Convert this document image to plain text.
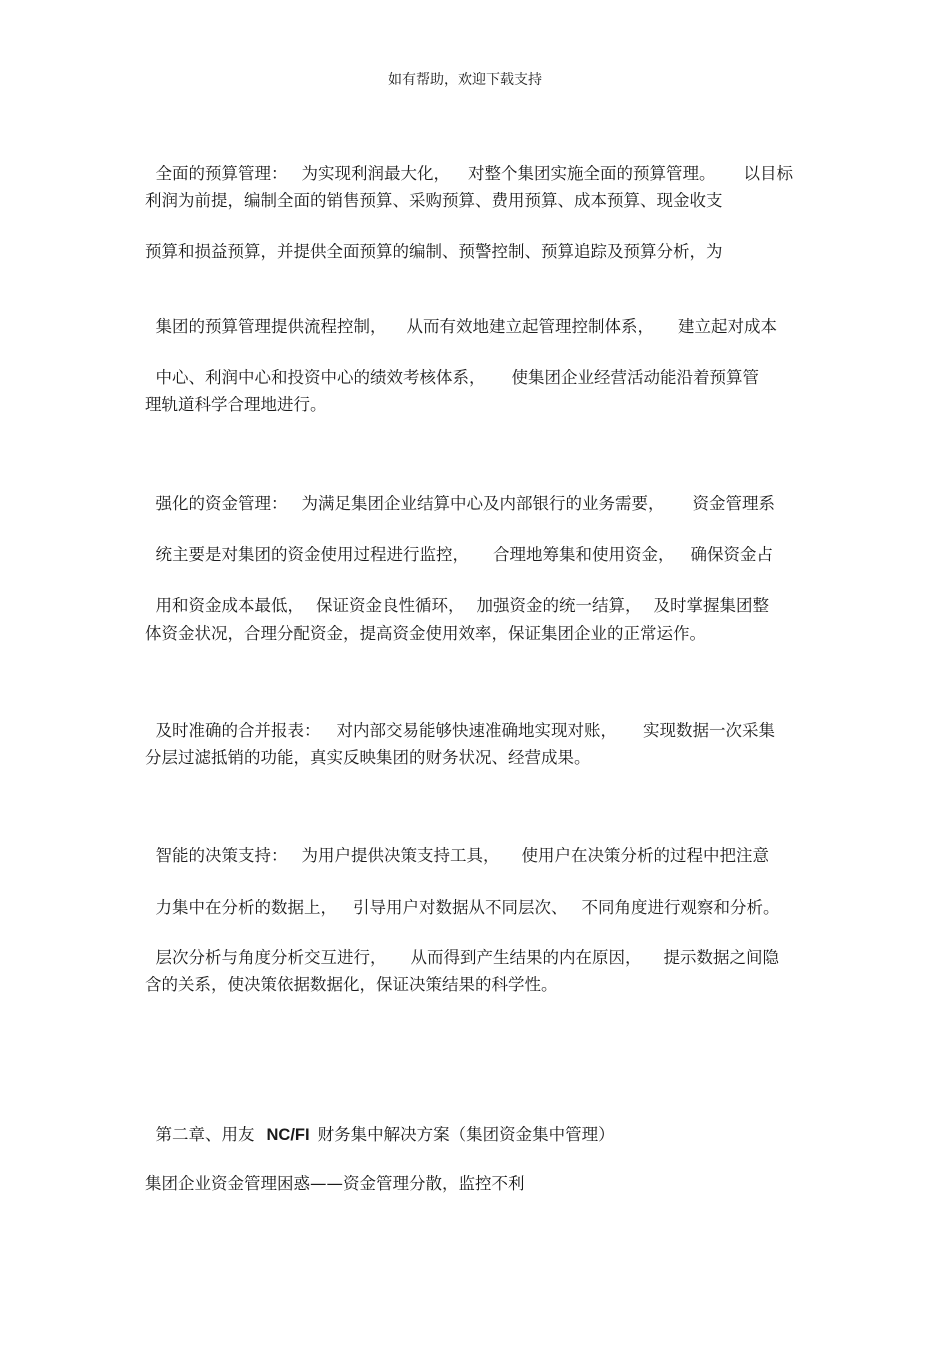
如有帮助，欢迎下载支持

全面的预算管理： 为实现利润最大化， 对整个集团实施全面的预算管理。 以目标

利润为前提，编制全面的销售预算、采购预算、费用预算、成本预算、现金收支
预算和损益预算，并提供全面预算的编制、预警控制、预算追踪及预算分析，为

集团的预算管理提供流程控制， 从而有效地建立起管理控制体系， 建立起对成本

中心、利润中心和投资中心的绩效考核体系， 使集团企业经营活动能沿着预算管

理轨道科学合理地进行。

强化的资金管理： 为满足集团企业结算中心及内部银行的业务需要， 资金管理系

统主要是对集团的资金使用过程进行监控， 合理地筹集和使用资金， 确保资金占

用和资金成本最低， 保证资金良性循环， 加强资金的统一结算， 及时掌握集团整

体资金状况，合理分配资金，提高资金使用效率，保证集团企业的正常运作。

及时准确的合并报表： 对内部交易能够快速准确地实现对账， 实现数据一次采集

分层过滤抵销的功能，真实反映集团的财务状况、经营成果。

智能的决策支持： 为用户提供决策支持工具， 使用户在决策分析的过程中把注意

力集中在分析的数据上， 引导用户对数据从不同层次、 不同角度进行观察和分析。

层次分析与角度分析交互进行， 从而得到产生结果的内在原因， 提示数据之间隐

含的关系，使决策依据数据化，保证决策结果的科学性。

第二章、用友 NC/FI 财务集中解决方案（集团资金集中管理）

集团企业资金管理困惑——资金管理分散，监控不利
